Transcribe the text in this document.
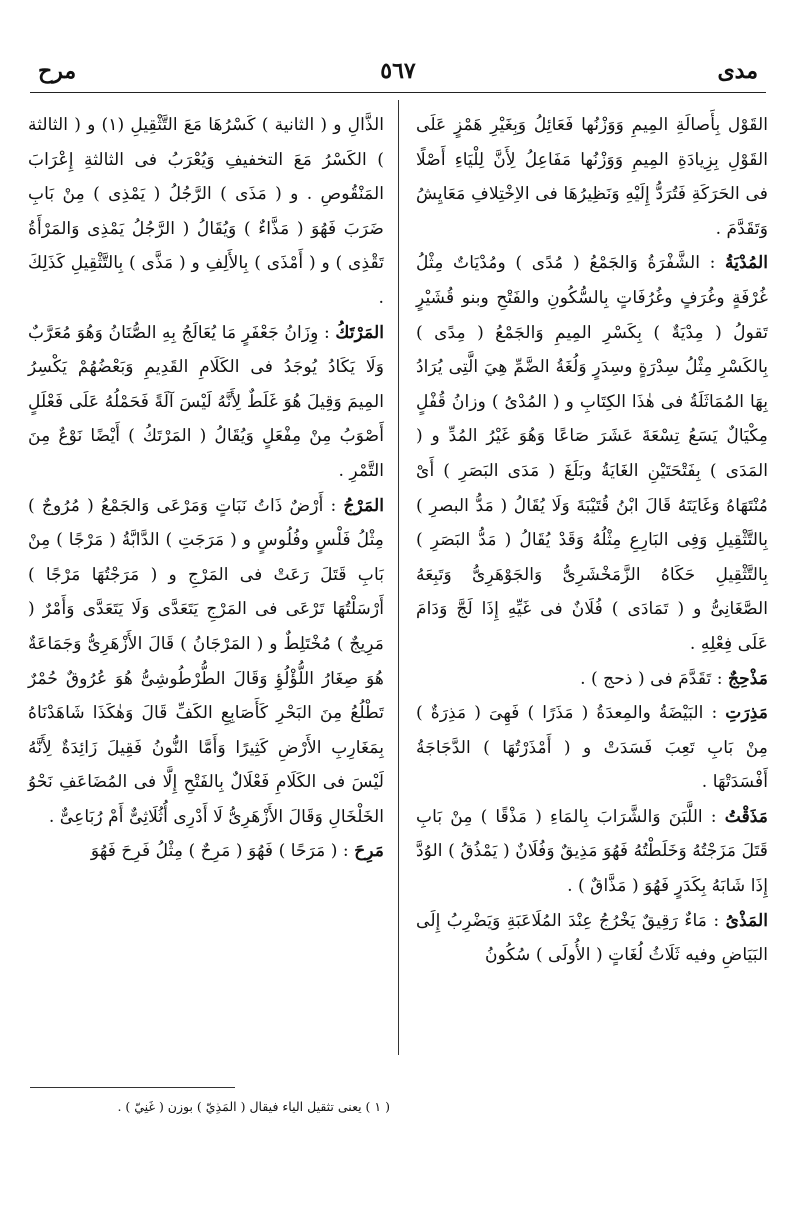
مدى
٥٦٧
مرح

القَوْل بِأَصالَةِ المِيمِ وَوَزْنُها فَعَائِلُ وَبِغَيْرِ هَمْزٍ عَلَى القَوْلِ بِزِيادَةِ المِيمِ وَوَزْنُها مَفَاعِلُ لِأَنَّ لِلْيَاءِ أَصْلًا فى الحَرَكَةِ فَتُرَدُّ إِلَيْهِ وَنَظِيرُهَا فى الاِخْتِلافِ مَعَايِشُ وَتَقَدَّمَ .

المُدْيَةُ : الشَّفْرَةُ وَالجَمْعُ ( مُدًى ) ومُدْيَاتٌ مِثْلُ غُرْفَةٍ وغُرَفٍ وغُرُفَاتٍ بِالسُّكُونِ والفَتْحِ وبنو قُشَيْرٍ تَقولُ ( مِدْيَةٌ ) بِكَسْرِ المِيمِ وَالجَمْعُ ( مِدًى ) بِالكَسْرِ مِثْلُ سِدْرَةٍ وسِدَرٍ وَلُغَةُ الضَّمِّ هِيَ الَّتِى يُرَادُ بِهَا المُمَاثَلَةُ فى هٰذَا الكِتَابِ و ( المُدْىُ ) وزانُ قُفْلٍ مِكْيَالٌ يَسَعُ تِسْعَةَ عَشَرَ صَاعًا وَهُوَ غَيْرُ المُدِّ و ( المَدَى ) بِفَتْحَتَيْنِ الغَايَةُ وبَلَغَ ( مَدَى البَصَرِ ) أَىْ مُنْتَهَاهُ وَغَايَتَهُ قَالَ ابْنُ قُتَيْبَةَ وَلَا يُقَالُ ( مَدُّ البصرِ ) بِالتَّثْقِيلِ وَفِى البَارِعِ مِثْلُهُ وَقَدْ يُقَالُ ( مَدُّ البَصَرِ ) بِالتَّثْقِيلِ حَكَاهُ الزَّمَخْشَرِىُّ وَالجَوْهَرِىُّ وَتَبِعَهُ الصَّغَانِىُّ و ( تَمَادَى ) فُلَانٌ فى غَيِّهِ إِذَا لَجَّ وَدَامَ عَلَى فِعْلِهِ .

مَذْحِجٌ : تَقَدَّمَ فى ( ذحج ) .

مَذِرَتِ : البَيْضَةُ والمِعدَةُ ( مَذَرًا ) فَهِىَ ( مَذِرَةٌ ) مِنْ بَابِ تَعِبَ فَسَدَتْ و ( أَمْذَرْتُهَا ) الدَّجَاجَةُ أَفْسَدَتْهَا .

مَذَقْتُ : اللَّبَنَ وَالشَّرَابَ بِالمَاءِ ( مَذْقًا ) مِنْ بَابِ قَتَلَ مَزَجْتُهُ وَخَلَطْتُهُ فَهُوَ مَذِيقٌ وَفُلَانٌ ( يَمْذُقُ ) الوُدَّ إِذَا شَابَهُ بِكَدَرٍ فَهُوَ ( مَذَّاقٌ ) .

المَذْىُ : مَاءٌ رَقِيقٌ يَخْرُجُ عِنْدَ المُلَاعَبَةِ وَيَضْرِبُ إِلَى البَيَاضِ وفيه ثَلَاثُ لُغَاتٍ ( الأُولَى ) سُكُونُ

الذَّالِ و ( الثانية ) كَسْرُهَا مَعَ التَّثْقِيلِ (١) و ( الثالثة ) الكَسْرُ مَعَ التخفيفِ وَيُعْرَبُ فى الثالثةِ إِعْرَابَ المَنْقُوصِ . و ( مَذَى ) الرَّجُلُ ( يَمْذِى ) مِنْ بَابِ ضَرَبَ فَهُوَ ( مَذَّاءٌ ) وَيُقَالُ ( الرَّجُلُ يَمْذِى وَالمَرْأَةُ تَقْذِى ) و ( أَمْذَى ) بِالأَلِفِ و ( مَذَّى ) بِالتَّثْقِيلِ كَذَلِكَ .

المَرْتَكُ : وِزَانُ جَعْفَرٍ مَا يُعَالَجُ بِهِ الصُّنَانُ وَهُوَ مُعَرَّبٌ وَلَا يَكَادُ يُوجَدُ فى الكَلَامِ القَدِيمِ وَبَعْضُهُمْ يَكْسِرُ المِيمَ وَقِيلَ هُوَ غَلَطٌ لِأَنَّهُ لَيْسَ آلَةً فَحَمْلُهُ عَلَى فَعْلَلٍ أَصْوَبُ مِنْ مِفْعَلٍ وَيُقَالُ ( المَرْتَكُ ) أَيْضًا نَوْعٌ مِنَ التَّمْرِ .

المَرْجُ : أَرْضٌ ذَاتُ نَبَاتٍ وَمَرْعَى وَالجَمْعُ ( مُرُوجٌ ) مِثْلُ فَلْسٍ وفُلُوسٍ و ( مَرَجَتِ ) الدَّابَّةُ ( مَرْجًا ) مِنْ بَابِ قَتَلَ رَعَتْ فى المَرْجِ و ( مَرَجْتُهَا مَرْجًا ) أَرْسَلْتُهَا تَرْعَى فى المَرْجِ يَتَعَدَّى وَلَا يَتَعَدَّى وَأَمْرٌ ( مَرِيجٌ ) مُخْتَلِطٌ و ( المَرْجَانُ ) قَالَ الأَزْهَرِىُّ وَجَمَاعَةٌ هُوَ صِغَارُ اللُّؤْلُؤِ وَقَالَ الطُّرْطُوشِىُّ هُوَ عُرُوقٌ حُمْرٌ تَطْلُعُ مِنَ البَحْرِ كَأَصَابِعِ الكَفِّ قَالَ وَهٰكَذَا شَاهَدْنَاهُ بِمَغَارِبِ الأَرْضِ كَثِيرًا وَأَمَّا النُّونُ فَقِيلَ زَائِدَةٌ لِأَنَّهُ لَيْسَ فى الكَلَامِ فَعْلَالٌ بِالفَتْحِ إِلَّا فى المُضَاعَفِ نَحْوُ الخَلْخَالِ وَقَالَ الأَزْهَرِىُّ لَا أَدْرِى أُثُلَاثِىٌّ أَمْ رُبَاعِىٌّ .

مَرِحَ : ( مَرَحًا ) فَهُوَ ( مَرِحٌ ) مِثْلُ فَرِحَ فَهُوَ

( ١ ) يعنى تثقيل الياء فيقال ( المَذِيّ ) بوزن ( غَنِيّ ) .
